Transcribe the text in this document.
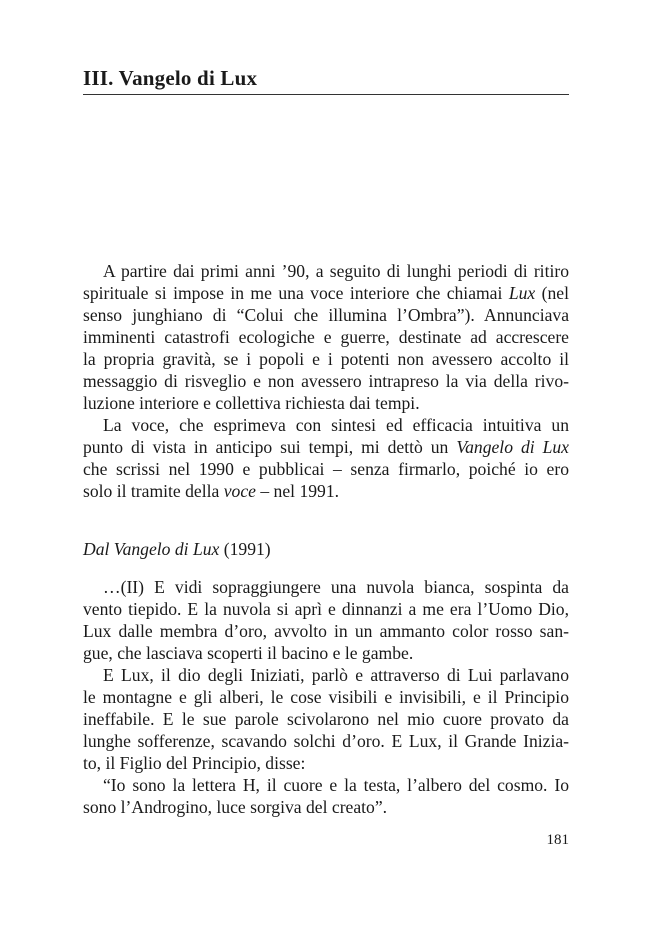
III. Vangelo di Lux
A partire dai primi anni ’90, a seguito di lunghi periodi di ritiro
spirituale si impose in me una voce interiore che chiamai Lux (nel
senso junghiano di “Colui che illumina l’Ombra”). Annunciava
imminenti catastrofi ecologiche e guerre, destinate ad accrescere
la propria gravità, se i popoli e i potenti non avessero accolto il
messaggio di risveglio e non avessero intrapreso la via della rivo-
luzione interiore e collettiva richiesta dai tempi.
La voce, che esprimeva con sintesi ed efficacia intuitiva un
punto di vista in anticipo sui tempi, mi dettò un Vangelo di Lux
che scrissi nel 1990 e pubblicai – senza firmarlo, poiché io ero
solo il tramite della voce – nel 1991.
Dal Vangelo di Lux (1991)
…(II) E vidi sopraggiungere una nuvola bianca, sospinta da
vento tiepido. E la nuvola si aprì e dinnanzi a me era l’Uomo Dio,
Lux dalle membra d’oro, avvolto in un ammanto color rosso san-
gue, che lasciava scoperti il bacino e le gambe.
E Lux, il dio degli Iniziati, parlò e attraverso di Lui parlavano
le montagne e gli alberi, le cose visibili e invisibili, e il Principio
ineffabile. E le sue parole scivolarono nel mio cuore provato da
lunghe sofferenze, scavando solchi d’oro. E Lux, il Grande Inizia-
to, il Figlio del Principio, disse:
“Io sono la lettera H, il cuore e la testa, l’albero del cosmo. Io
sono l’Androgino, luce sorgiva del creato”.
181
